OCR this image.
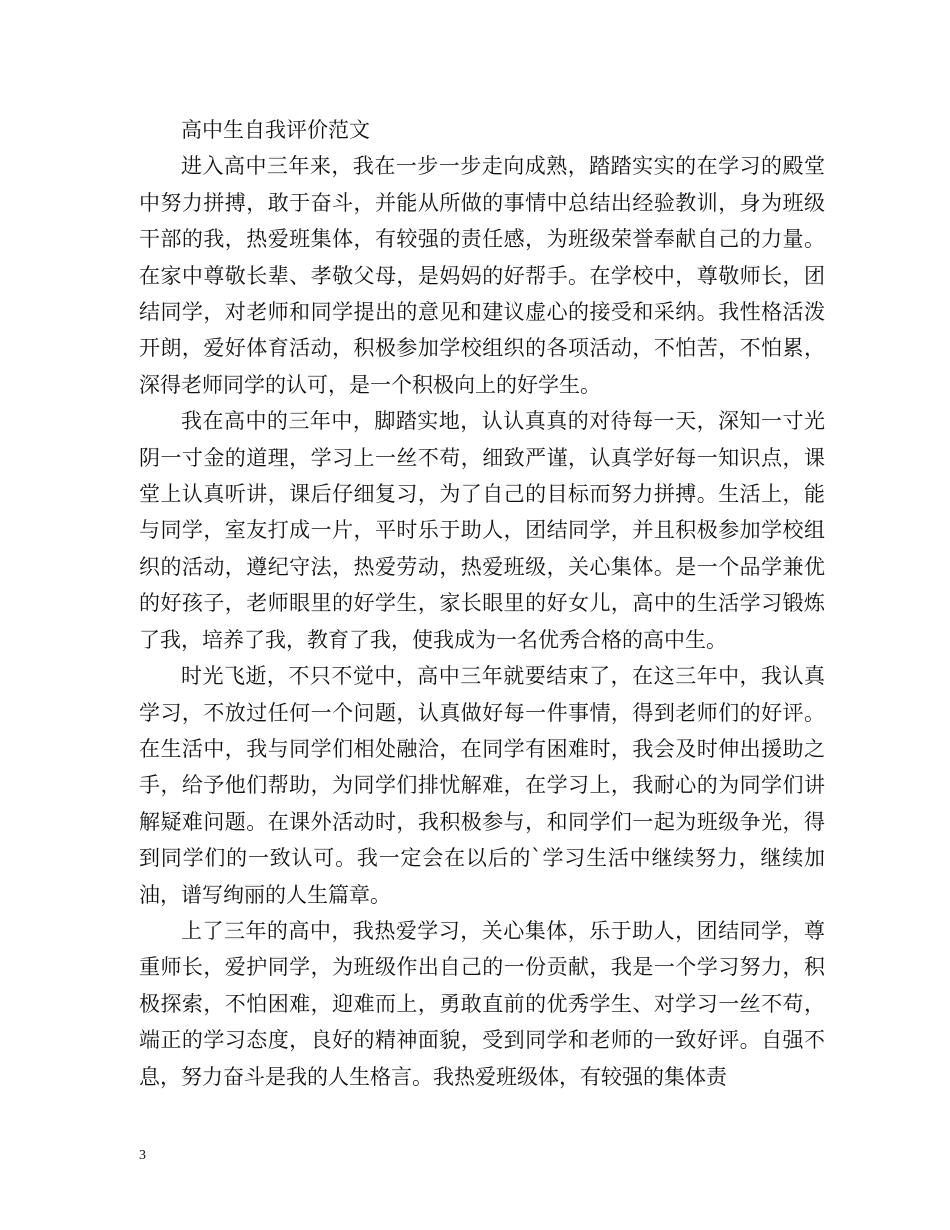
高中生自我评价范文

进入高中三年来，我在一步一步走向成熟，踏踏实实的在学习的殿堂中努力拼搏，敢于奋斗，并能从所做的事情中总结出经验教训，身为班级干部的我，热爱班集体，有较强的责任感，为班级荣誉奉献自己的力量。在家中尊敬长辈、孝敬父母，是妈妈的好帮手。在学校中，尊敬师长，团结同学，对老师和同学提出的意见和建议虚心的接受和采纳。我性格活泼开朗，爱好体育活动，积极参加学校组织的各项活动，不怕苦，不怕累，深得老师同学的认可，是一个积极向上的好学生。

我在高中的三年中，脚踏实地，认认真真的对待每一天，深知一寸光阴一寸金的道理，学习上一丝不苟，细致严谨，认真学好每一知识点，课堂上认真听讲，课后仔细复习，为了自己的目标而努力拼搏。生活上，能与同学，室友打成一片，平时乐于助人，团结同学，并且积极参加学校组织的活动，遵纪守法，热爱劳动，热爱班级，关心集体。是一个品学兼优的好孩子，老师眼里的好学生，家长眼里的好女儿，高中的生活学习锻炼了我，培养了我，教育了我，使我成为一名优秀合格的高中生。

时光飞逝，不只不觉中，高中三年就要结束了，在这三年中，我认真学习，不放过任何一个问题，认真做好每一件事情，得到老师们的好评。在生活中，我与同学们相处融洽，在同学有困难时，我会及时伸出援助之手，给予他们帮助，为同学们排忧解难，在学习上，我耐心的为同学们讲解疑难问题。在课外活动时，我积极参与，和同学们一起为班级争光，得到同学们的一致认可。我一定会在以后的`学习生活中继续努力，继续加油，谱写绚丽的人生篇章。

上了三年的高中，我热爱学习，关心集体，乐于助人，团结同学，尊重师长，爱护同学，为班级作出自己的一份贡献，我是一个学习努力，积极探索，不怕困难，迎难而上，勇敢直前的优秀学生、对学习一丝不苟，端正的学习态度，良好的精神面貌，受到同学和老师的一致好评。自强不息，努力奋斗是我的人生格言。我热爱班级体，有较强的集体责

3
